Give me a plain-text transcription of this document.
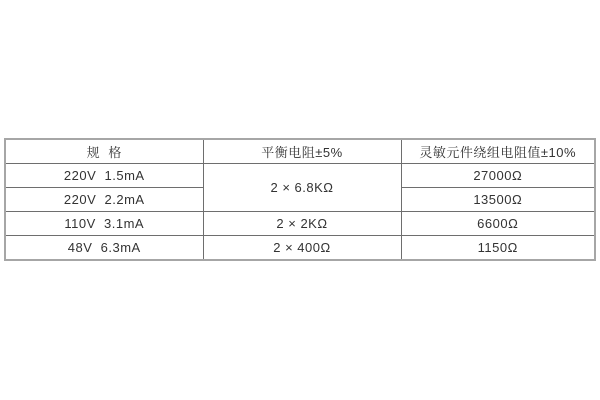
规  格	平衡电阻±5%	灵敏元件绕组电阻值±10%
220V  1.5mA	2 × 6.8KΩ	27000Ω
220V  2.2mA		13500Ω
110V  3.1mA	2 × 2KΩ	6600Ω
48V  6.3mA	2 × 400Ω	1150Ω
